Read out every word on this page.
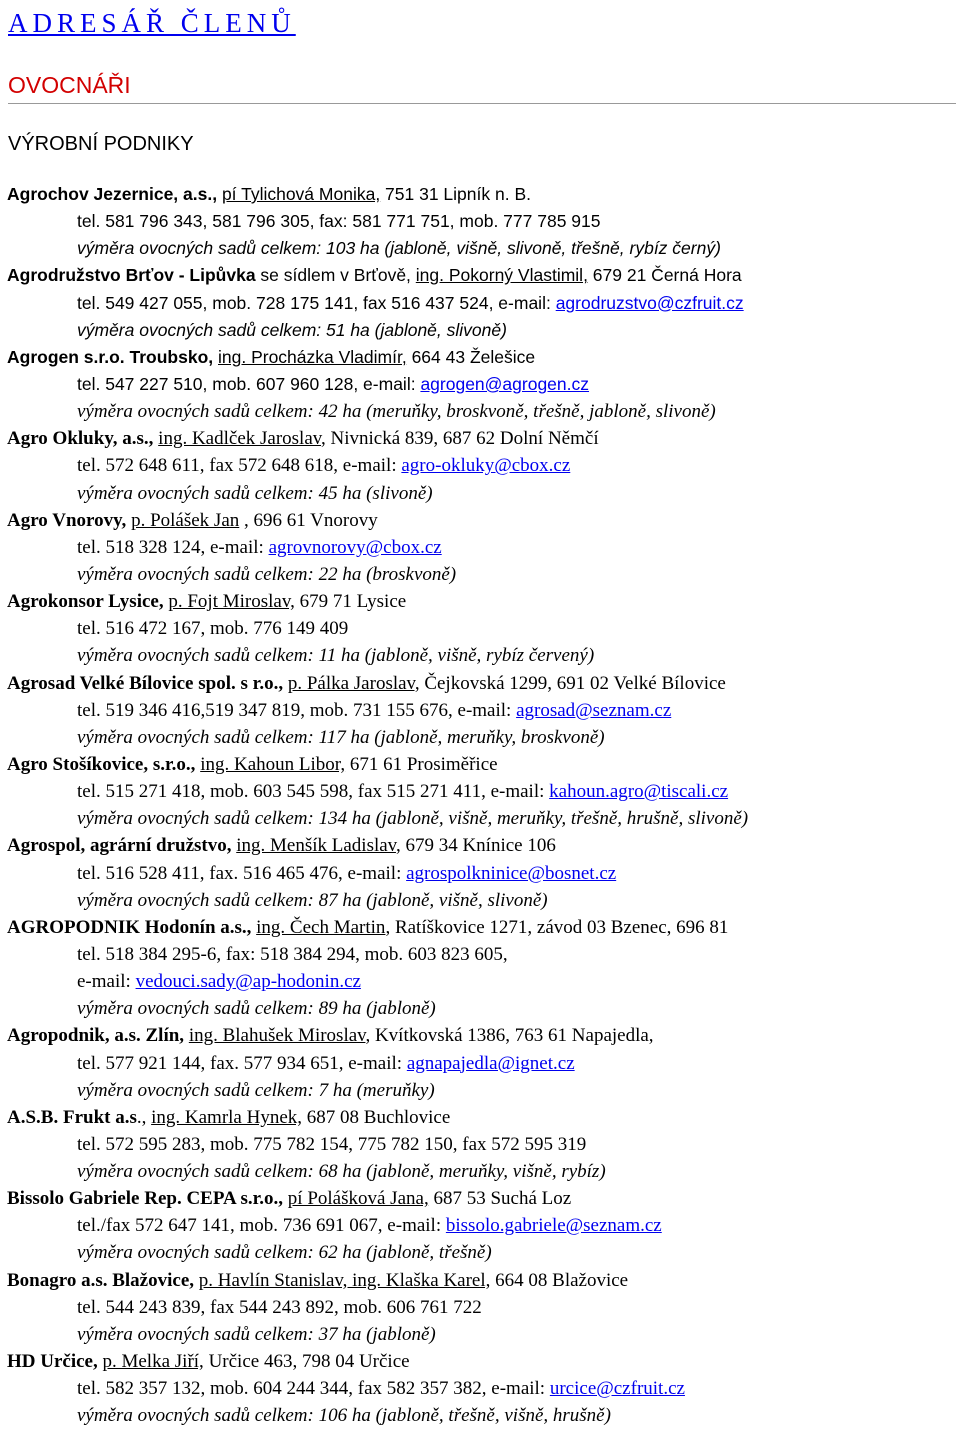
ADRESÁŘ ČLENŮ
OVOCNÁŘI
VÝROBNÍ PODNIKY
Agrochov Jezernice, a.s., pí Tylichová Monika, 751 31 Lipník n. B.
tel. 581 796 343, 581 796 305, fax: 581 771 751, mob. 777 785 915
výměra ovocných sadů celkem: 103 ha (jabloně, višně, slivoně, třešně, rybíz černý)
Agrodružstvo Brťov - Lipůvka se sídlem v Brťově, ing. Pokorný Vlastimil, 679 21 Černá Hora
tel. 549 427 055, mob. 728 175 141, fax 516 437 524, e-mail: agrodruzstvo@czfruit.cz
výměra ovocných sadů celkem: 51 ha (jabloně, slivoně)
Agrogen s.r.o. Troubsko, ing. Procházka Vladimír, 664 43 Želešice
tel. 547 227 510, mob. 607 960 128, e-mail: agrogen@agrogen.cz
výměra ovocných sadů celkem: 42 ha (meruňky, broskvoně, třešně, jabloně, slivoně)
Agro Okluky, a.s., ing. Kadlček Jaroslav, Nivnická 839, 687 62 Dolní Němčí
tel. 572 648 611, fax 572 648 618, e-mail: agro-okluky@cbox.cz
výměra ovocných sadů celkem: 45 ha (slivoně)
Agro Vnorovy, p. Polášek Jan , 696 61 Vnorovy
tel. 518 328 124, e-mail: agrovnorovy@cbox.cz
výměra ovocných sadů celkem: 22 ha (broskvoně)
Agrokonsor Lysice, p. Fojt Miroslav, 679 71 Lysice
tel. 516 472 167, mob. 776 149 409
výměra ovocných sadů celkem: 11 ha (jabloně, višně, rybíz červený)
Agrosad Velké Bílovice spol. s r.o., p. Pálka Jaroslav, Čejkovská 1299, 691 02 Velké Bílovice
tel. 519 346 416,519 347 819, mob. 731 155 676, e-mail: agrosad@seznam.cz
výměra ovocných sadů celkem: 117 ha (jabloně, meruňky, broskvoně)
Agro Stošíkovice, s.r.o., ing. Kahoun Libor, 671 61 Prosiměřice
tel. 515 271 418, mob. 603 545 598, fax 515 271 411, e-mail: kahoun.agro@tiscali.cz
výměra ovocných sadů celkem: 134 ha (jabloně, višně, meruňky, třešně, hrušně, slivoně)
Agrospol, agrární družstvo, ing. Menšík Ladislav, 679 34 Knínice 106
tel. 516 528 411, fax. 516 465 476, e-mail: agrospolkninice@bosnet.cz
výměra ovocných sadů celkem: 87 ha (jabloně, višně, slivoně)
AGROPODNIK Hodonín a.s., ing. Čech Martin, Ratíškovice 1271, závod 03 Bzenec, 696 81
tel. 518 384 295-6, fax: 518 384 294, mob. 603 823 605,
e-mail: vedouci.sady@ap-hodonin.cz
výměra ovocných sadů celkem: 89 ha (jabloně)
Agropodnik, a.s. Zlín, ing. Blahušek Miroslav, Kvítkovská 1386, 763 61 Napajedla,
tel. 577 921 144, fax. 577 934 651, e-mail: agnapajedla@ignet.cz
výměra ovocných sadů celkem: 7 ha (meruňky)
A.S.B. Frukt a.s., ing. Kamrla Hynek, 687 08 Buchlovice
tel. 572 595 283, mob. 775 782 154, 775 782 150, fax 572 595 319
výměra ovocných sadů celkem: 68 ha (jabloně, meruňky, višně, rybíz)
Bissolo Gabriele Rep. CEPA s.r.o., pí Polášková Jana, 687 53 Suchá Loz
tel./fax 572 647 141, mob. 736 691 067, e-mail: bissolo.gabriele@seznam.cz
výměra ovocných sadů celkem: 62 ha (jabloně, třešně)
Bonagro a.s. Blažovice, p. Havlín Stanislav, ing. Klaška Karel, 664 08 Blažovice
tel. 544 243 839, fax 544 243 892, mob. 606 761 722
výměra ovocných sadů celkem: 37 ha (jabloně)
HD Určice, p. Melka Jiří, Určice 463, 798 04 Určice
tel. 582 357 132, mob. 604 244 344, fax 582 357 382, e-mail: urcice@czfruit.cz
výměra ovocných sadů celkem: 106 ha (jabloně, třešně, višně, hrušně)
